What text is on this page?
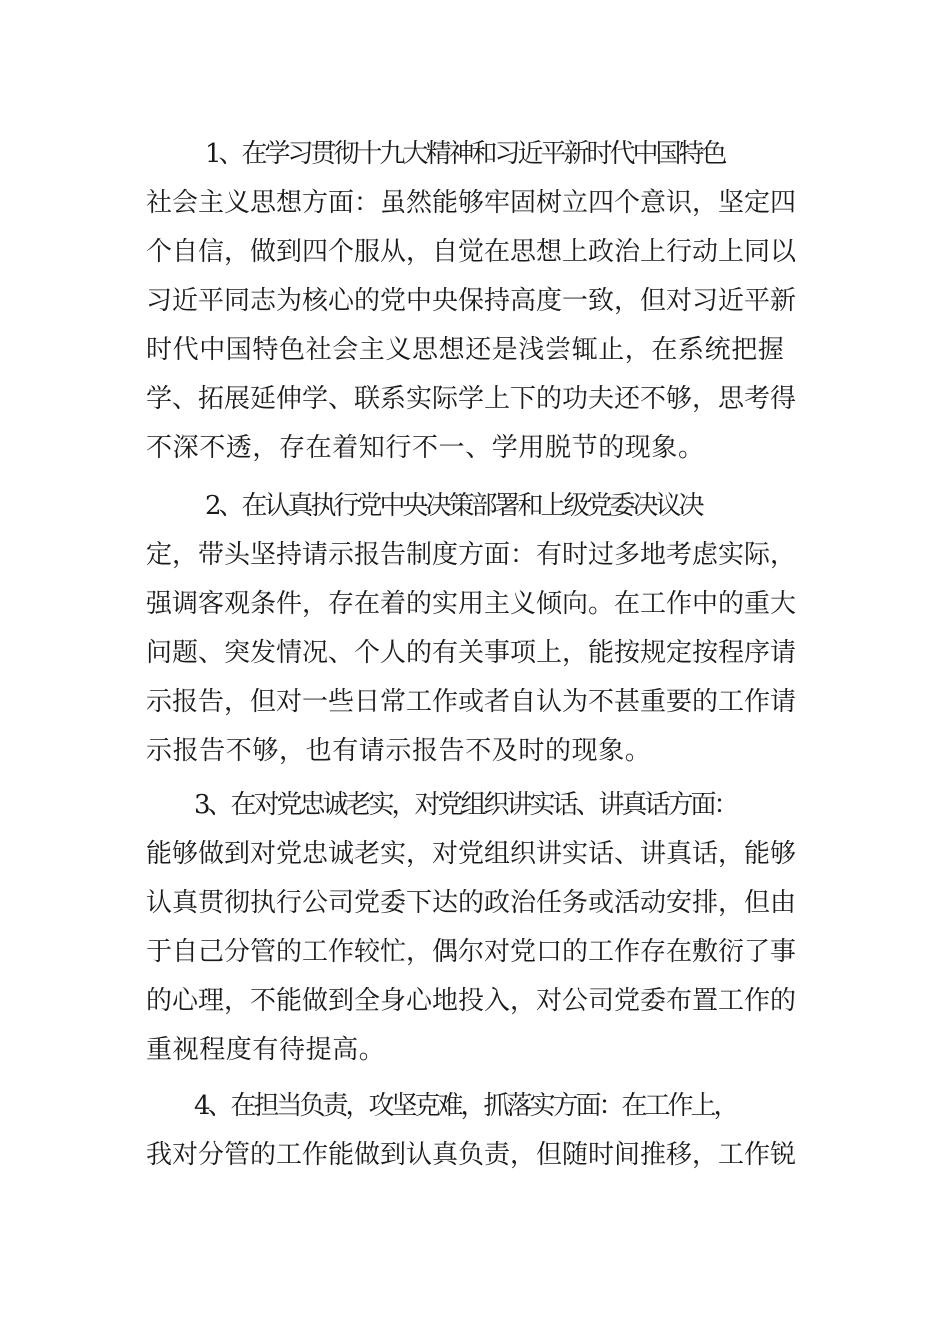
1、在学习贯彻十九大精神和习近平新时代中国特色
社会主义思想方面：虽然能够牢固树立四个意识，坚定四
个自信，做到四个服从，自觉在思想上政治上行动上同以
习近平同志为核心的党中央保持高度一致，但对习近平新
时代中国特色社会主义思想还是浅尝辄止，在系统把握
学、拓展延伸学、联系实际学上下的功夫还不够，思考得
不深不透，存在着知行不一、学用脱节的现象。
2、在认真执行党中央决策部署和上级党委决议决
定，带头坚持请示报告制度方面：有时过多地考虑实际，
强调客观条件，存在着的实用主义倾向。在工作中的重大
问题、突发情况、个人的有关事项上，能按规定按程序请
示报告，但对一些日常工作或者自认为不甚重要的工作请
示报告不够，也有请示报告不及时的现象。
3、在对党忠诚老实，对党组织讲实话、讲真话方面：
能够做到对党忠诚老实，对党组织讲实话、讲真话，能够
认真贯彻执行公司党委下达的政治任务或活动安排，但由
于自己分管的工作较忙，偶尔对党口的工作存在敷衍了事
的心理，不能做到全身心地投入，对公司党委布置工作的
重视程度有待提高。
4、在担当负责，攻坚克难，抓落实方面：在工作上，
我对分管的工作能做到认真负责，但随时间推移，工作锐
